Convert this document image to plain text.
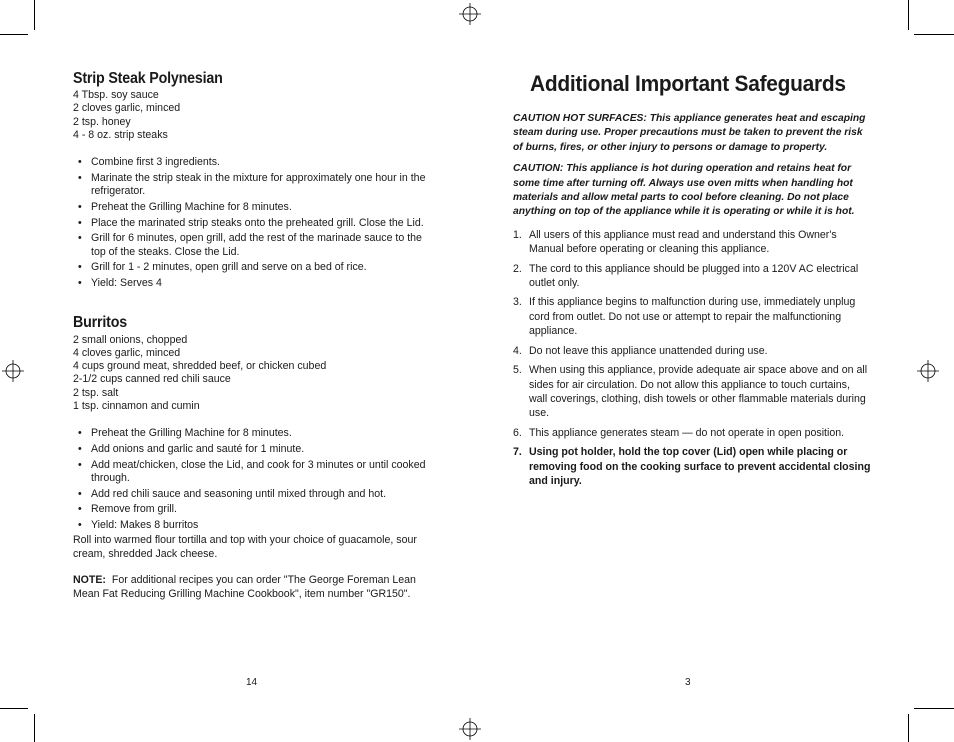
Strip Steak Polynesian
4 Tbsp. soy sauce
2 cloves garlic, minced
2 tsp. honey
4 - 8 oz. strip steaks
• Combine first 3 ingredients.
• Marinate the strip steak in the mixture for approximately one hour in the refrigerator.
• Preheat the Grilling Machine for 8 minutes.
• Place the marinated strip steaks onto the preheated grill. Close the Lid.
• Grill for 6 minutes, open grill, add the rest of the marinade sauce to the top of the steaks. Close the Lid.
• Grill for 1 - 2 minutes, open grill and serve on a bed of rice.
• Yield: Serves 4
Burritos
2 small onions, chopped
4 cloves garlic, minced
4 cups ground meat, shredded beef, or chicken cubed
2-1/2 cups canned red chili sauce
2 tsp. salt
1 tsp. cinnamon and cumin
• Preheat the Grilling Machine for 8 minutes.
• Add onions and garlic and sauté for 1 minute.
• Add meat/chicken, close the Lid, and cook for 3 minutes or until cooked through.
• Add red chili sauce and seasoning until mixed through and hot.
• Remove from grill.
• Yield: Makes 8 burritos

Roll into warmed flour tortilla and top with your choice of guacamole, sour cream, shredded Jack cheese.

NOTE: For additional recipes you can order "The George Foreman Lean Mean Fat Reducing Grilling Machine Cookbook", item number "GR150".

14
Additional Important Safeguards

CAUTION HOT SURFACES: This appliance generates heat and escaping steam during use. Proper precautions must be taken to prevent the risk of burns, fires, or other injury to persons or damage to property.

CAUTION: This appliance is hot during operation and retains heat for some time after turning off. Always use oven mitts when handling hot materials and allow metal parts to cool before cleaning. Do not place anything on top of the appliance while it is operating or while it is hot.

1. All users of this appliance must read and understand this Owner's Manual before operating or cleaning this appliance.
2. The cord to this appliance should be plugged into a 120V AC electrical outlet only.
3. If this appliance begins to malfunction during use, immediately unplug cord from outlet. Do not use or attempt to repair the malfunctioning appliance.
4. Do not leave this appliance unattended during use.
5. When using this appliance, provide adequate air space above and on all sides for air circulation. Do not allow this appliance to touch curtains, wall coverings, clothing, dish towels or other flammable materials during use.
6. This appliance generates steam — do not operate in open position.
7. Using pot holder, hold the top cover (Lid) open while placing or removing food on the cooking surface to prevent accidental closing and injury.
3
